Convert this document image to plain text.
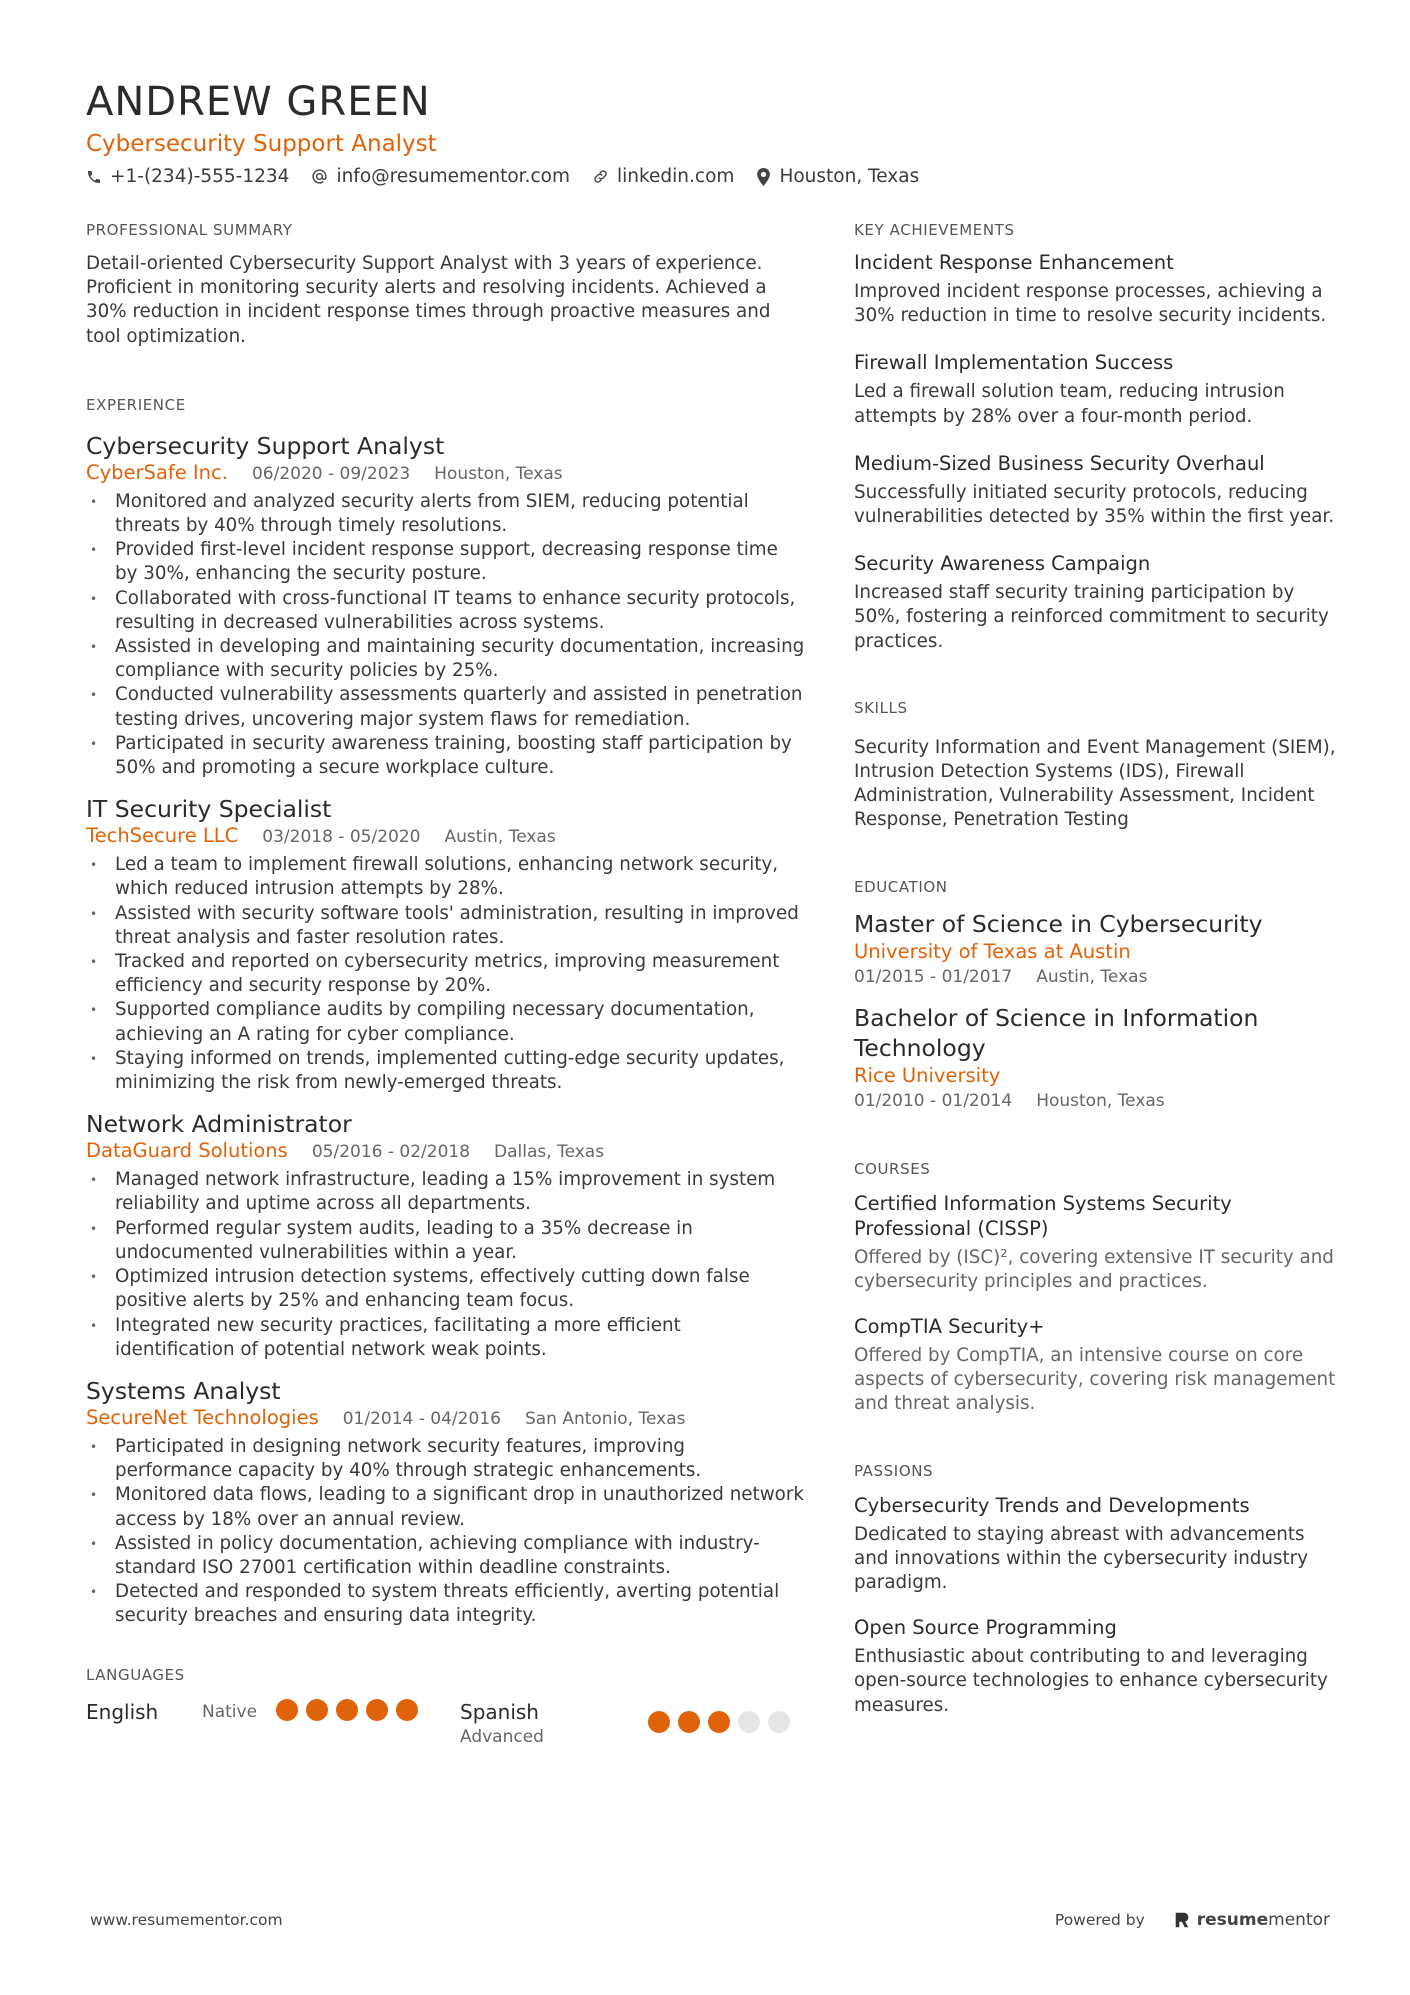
ANDREW GREEN
Cybersecurity Support Analyst
+1-(234)-555-1234	info@resumementor.com	linkedin.com Houston, Texas
PROFESSIONAL SUMMARY
Detail-oriented Cybersecurity Support Analyst with 3 years of experience. Proficient in monitoring security alerts and resolving incidents. Achieved a 30% reduction in incident response times through proactive measures and tool optimization.
EXPERIENCE
Cybersecurity Support Analyst
CyberSafe Inc. 06/2020 - 09/2023 Houston, Texas
• Monitored and analyzed security alerts from SIEM, reducing potential threats by 40% through timely resolutions.
• Provided first-level incident response support, decreasing response time by 30%, enhancing the security posture.
• Collaborated with cross-functional IT teams to enhance security protocols, resulting in decreased vulnerabilities across systems.
• Assisted in developing and maintaining security documentation, increasing compliance with security policies by 25%.
• Conducted vulnerability assessments quarterly and assisted in penetration testing drives, uncovering major system flaws for remediation.
• Participated in security awareness training, boosting staff participation by 50% and promoting a secure workplace culture.
IT Security Specialist
TechSecure LLC 03/2018 - 05/2020 Austin, Texas
• Led a team to implement firewall solutions, enhancing network security, which reduced intrusion attempts by 28%.
• Assisted with security software tools' administration, resulting in improved threat analysis and faster resolution rates.
• Tracked and reported on cybersecurity metrics, improving measurement efficiency and security response by 20%.
• Supported compliance audits by compiling necessary documentation, achieving an A rating for cyber compliance.
• Staying informed on trends, implemented cutting-edge security updates, minimizing the risk from newly-emerged threats.
Network Administrator
DataGuard Solutions 05/2016 - 02/2018 Dallas, Texas
• Managed network infrastructure, leading a 15% improvement in system reliability and uptime across all departments.
• Performed regular system audits, leading to a 35% decrease in undocumented vulnerabilities within a year.
• Optimized intrusion detection systems, effectively cutting down false positive alerts by 25% and enhancing team focus.
• Integrated new security practices, facilitating a more efficient identification of potential network weak points.
Systems Analyst
SecureNet Technologies 01/2014 - 04/2016 San Antonio, Texas
• Participated in designing network security features, improving performance capacity by 40% through strategic enhancements.
• Monitored data flows, leading to a significant drop in unauthorized network access by 18% over an annual review.
• Assisted in policy documentation, achieving compliance with industry-standard ISO 27001 certification within deadline constraints.
• Detected and responded to system threats efficiently, averting potential security breaches and ensuring data integrity.
LANGUAGES
English	Native	Spanish
Advanced
KEY ACHIEVEMENTS
Incident Response Enhancement
Improved incident response processes, achieving a 30% reduction in time to resolve security incidents.
Firewall Implementation Success
Led a firewall solution team, reducing intrusion attempts by 28% over a four-month period.
Medium-Sized Business Security Overhaul
Successfully initiated security protocols, reducing vulnerabilities detected by 35% within the first year.
Security Awareness Campaign
Increased staff security training participation by 50%, fostering a reinforced commitment to security practices.
SKILLS
Security Information and Event Management (SIEM), Intrusion Detection Systems (IDS), Firewall Administration, Vulnerability Assessment, Incident Response, Penetration Testing
EDUCATION
Master of Science in Cybersecurity
University of Texas at Austin
01/2015 - 01/2017 Austin, Texas
Bachelor of Science in Information Technology
Rice University
01/2010 - 01/2014 Houston, Texas
COURSES
Certified Information Systems Security Professional (CISSP)
Offered by (ISC)², covering extensive IT security and cybersecurity principles and practices.
CompTIA Security+
Offered by CompTIA, an intensive course on core aspects of cybersecurity, covering risk management and threat analysis.
PASSIONS
Cybersecurity Trends and Developments
Dedicated to staying abreast with advancements and innovations within the cybersecurity industry paradigm.
Open Source Programming
Enthusiastic about contributing to and leveraging open-source technologies to enhance cybersecurity measures.
www.resumementor.com	Powered by	resume mentor
